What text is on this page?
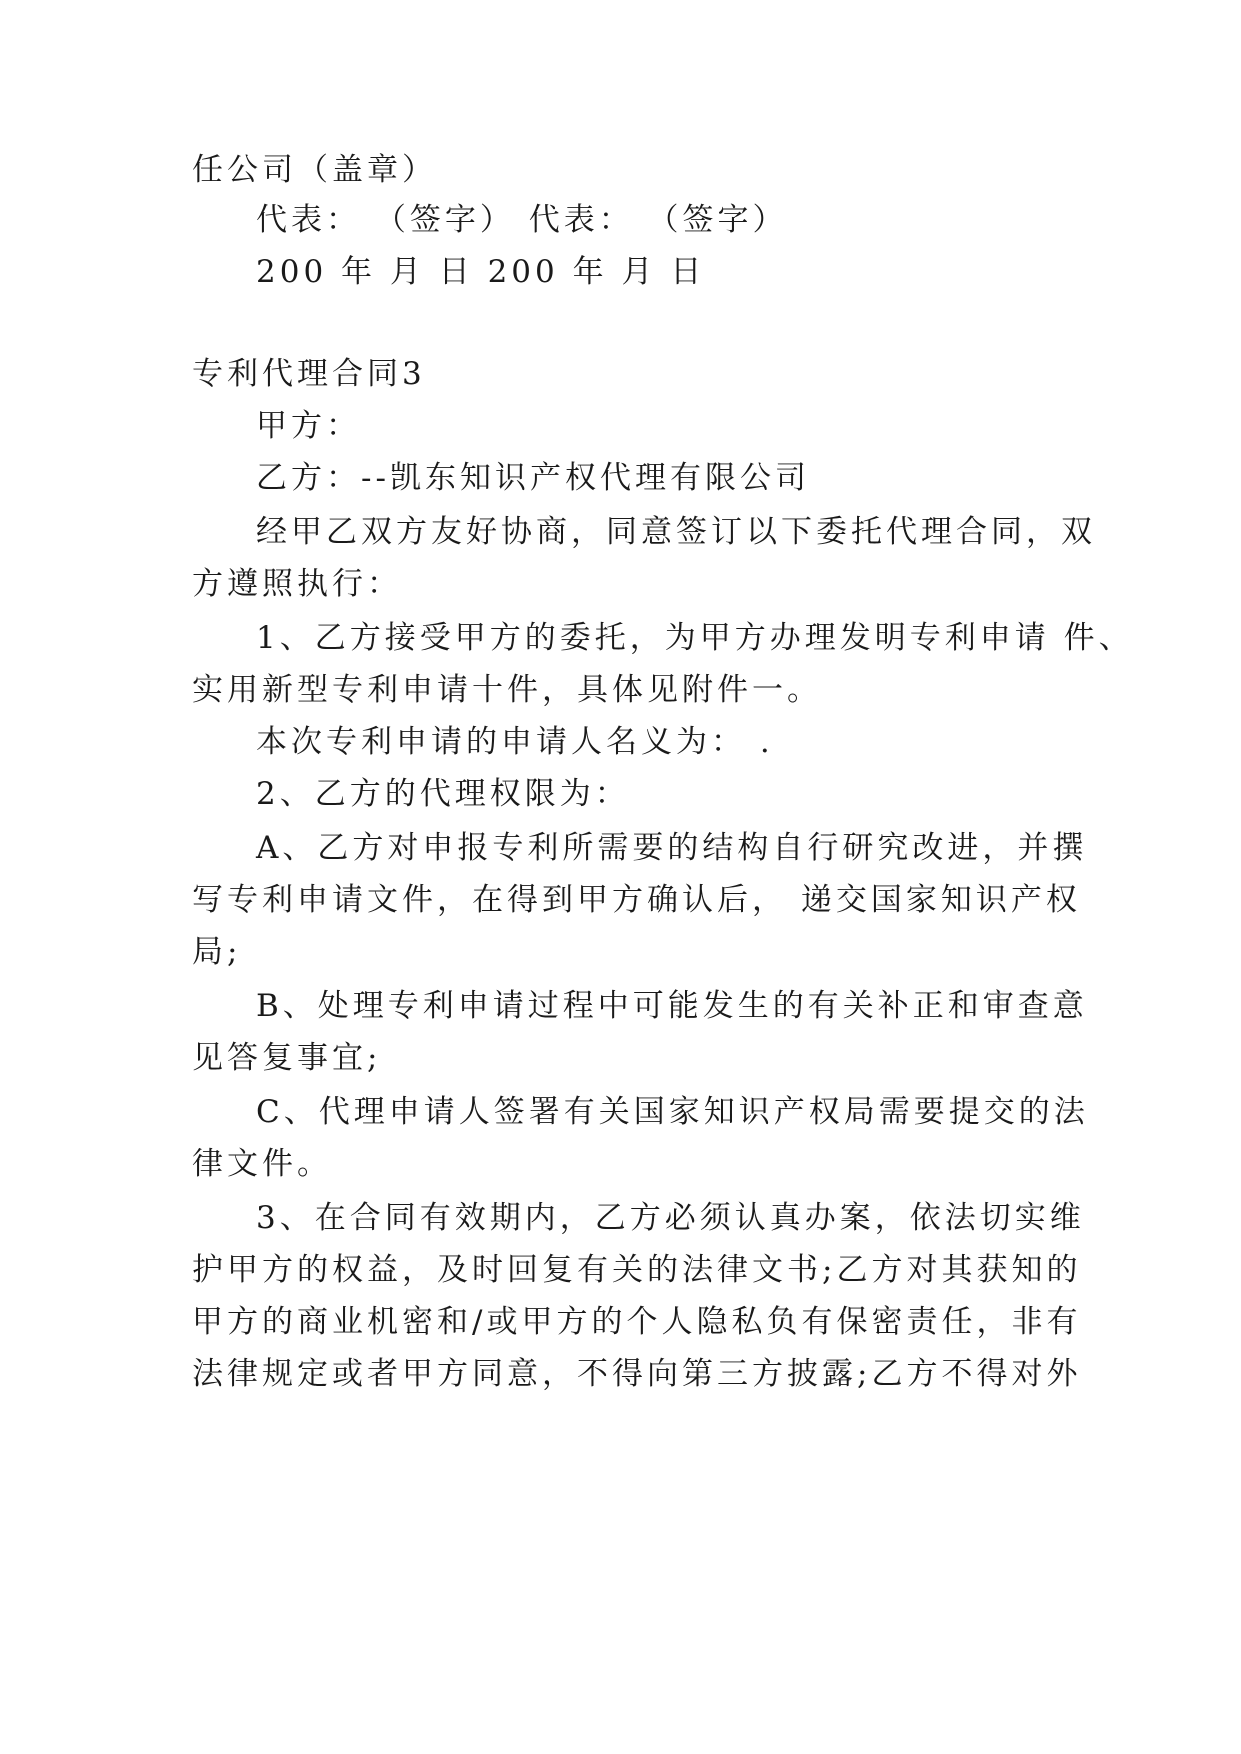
任公司（盖章）
代表： （签字） 代表： （签字）
200 年 月 日 200 年 月 日
专利代理合同3
甲方：
乙方：--凯东知识产权代理有限公司
经甲乙双方友好协商，同意签订以下委托代理合同，双
方遵照执行：
1、乙方接受甲方的委托，为甲方办理发明专利申请 件、
实用新型专利申请十件，具体见附件一。
本次专利申请的申请人名义为： .
2、乙方的代理权限为：
A、乙方对申报专利所需要的结构自行研究改进，并撰
写专利申请文件，在得到甲方确认后， 递交国家知识产权
局;
B、处理专利申请过程中可能发生的有关补正和审查意
见答复事宜;
C、代理申请人签署有关国家知识产权局需要提交的法
律文件。
3、在合同有效期内，乙方必须认真办案，依法切实维
护甲方的权益，及时回复有关的法律文书;乙方对其获知的
甲方的商业机密和/或甲方的个人隐私负有保密责任，非有
法律规定或者甲方同意，不得向第三方披露;乙方不得对外
